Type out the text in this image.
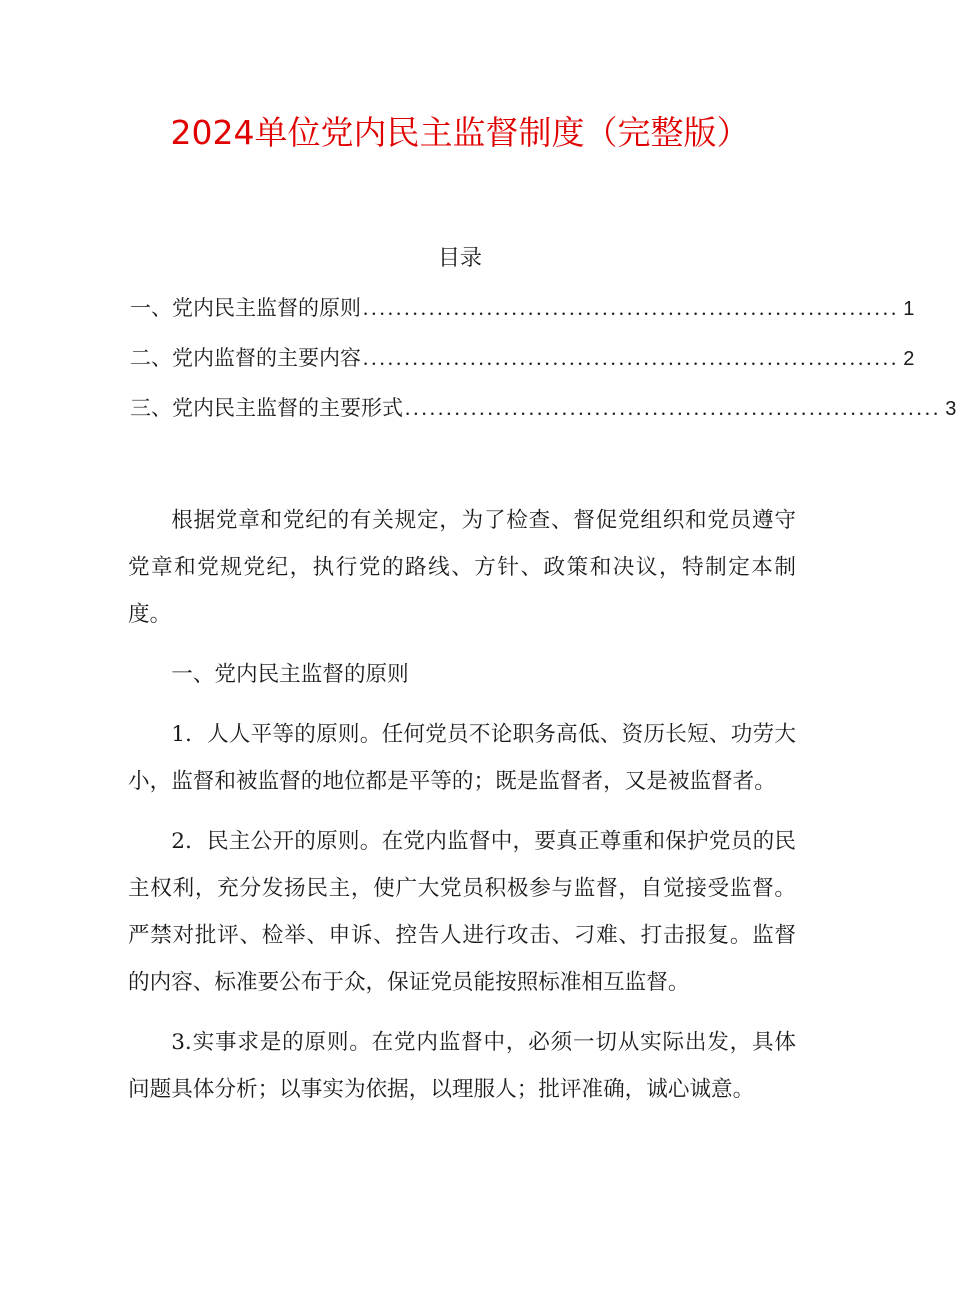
2024单位党内民主监督制度（完整版）
目录
一、党内民主监督的原则 ................................................................. 1
二、党内监督的主要内容 ................................................................. 2
三、党内民主监督的主要形式 ................................................................. 3

根据党章和党纪的有关规定，为了检查、督促党组织和党员遵守党章和党规党纪，执行党的路线、方针、政策和决议，特制定本制度。

一、党内民主监督的原则

1．人人平等的原则。任何党员不论职务高低、资历长短、功劳大小，监督和被监督的地位都是平等的；既是监督者，又是被监督者。

2．民主公开的原则。在党内监督中，要真正尊重和保护党员的民主权利，充分发扬民主，使广大党员积极参与监督，自觉接受监督。严禁对批评、检举、申诉、控告人进行攻击、刁难、打击报复。监督的内容、标准要公布于众，保证党员能按照标准相互监督。

3.实事求是的原则。在党内监督中，必须一切从实际出发，具体问题具体分析；以事实为依据，以理服人；批评准确，诚心诚意。
